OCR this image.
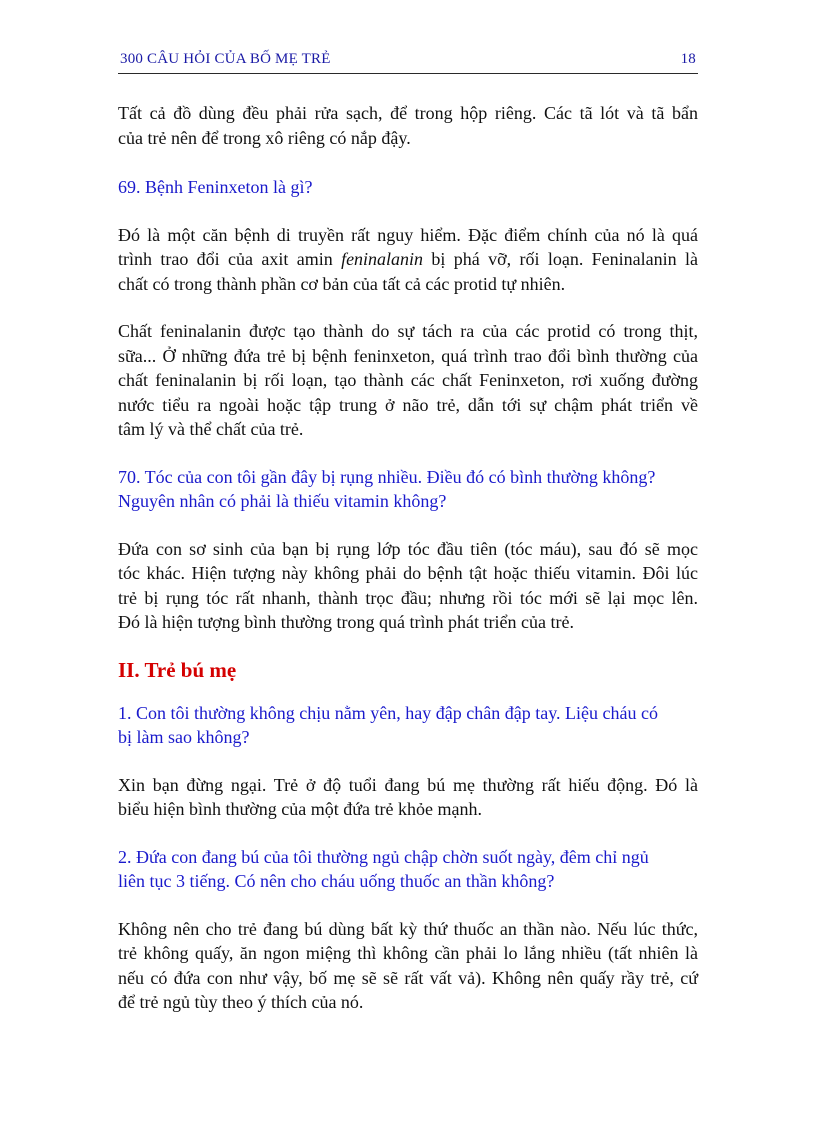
300 CÂU HỎI CỦA BỐ MẸ TRẺ	18

Tất cả đồ dùng đều phải rửa sạch, để trong hộp riêng. Các tã lót và tã bẩn
của trẻ nên để trong xô riêng có nắp đậy.

69. Bệnh Feninxeton là gì?

Đó là một căn bệnh di truyền rất nguy hiểm. Đặc điểm chính của nó là quá
trình trao đổi của axit amin feninalanin bị phá vỡ, rối loạn. Feninalanin là
chất có trong thành phần cơ bản của tất cả các protid tự nhiên.

Chất feninalanin được tạo thành do sự tách ra của các protid có trong thịt,
sữa... Ở những đứa trẻ bị bệnh feninxeton, quá trình trao đổi bình thường của
chất feninalanin bị rối loạn, tạo thành các chất Feninxeton, rơi xuống đường
nước tiểu ra ngoài hoặc tập trung ở não trẻ, dẫn tới sự chậm phát triển về
tâm lý và thể chất của trẻ.

70. Tóc của con tôi gần đây bị rụng nhiều. Điều đó có bình thường không?
Nguyên nhân có phải là thiếu vitamin không?

Đứa con sơ sinh của bạn bị rụng lớp tóc đầu tiên (tóc máu), sau đó sẽ mọc
tóc khác. Hiện tượng này không phải do bệnh tật hoặc thiếu vitamin. Đôi lúc
trẻ bị rụng tóc rất nhanh, thành trọc đầu; nhưng rồi tóc mới sẽ lại mọc lên.
Đó là hiện tượng bình thường trong quá trình phát triển của trẻ.

II. Trẻ bú mẹ

1. Con tôi thường không chịu nằm yên, hay đập chân đập tay. Liệu cháu có
bị làm sao không?

Xin bạn đừng ngại. Trẻ ở độ tuổi đang bú mẹ thường rất hiếu động. Đó là
biểu hiện bình thường của một đứa trẻ khỏe mạnh.

2. Đứa con đang bú của tôi thường ngủ chập chờn suốt ngày, đêm chỉ ngủ
liên tục 3 tiếng. Có nên cho cháu uống thuốc an thần không?

Không nên cho trẻ đang bú dùng bất kỳ thứ thuốc an thần nào. Nếu lúc thức,
trẻ không quấy, ăn ngon miệng thì không cần phải lo lắng nhiều (tất nhiên là
nếu có đứa con như vậy, bố mẹ sẽ sẽ rất vất vả). Không nên quấy rầy trẻ, cứ
để trẻ ngủ tùy theo ý thích của nó.
